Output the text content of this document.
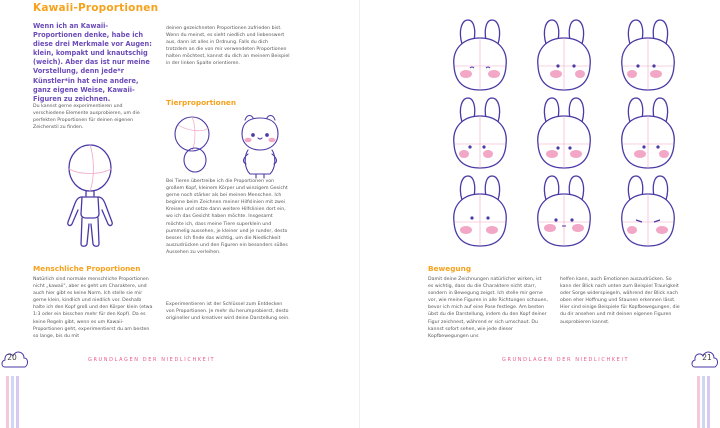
Kawaii-Proportionen
Wenn ich an Kawaii-Proportionen denke, habe ich diese drei Merkmale vor Augen: klein, kompakt und knautschig (weich). Aber das ist nur meine Vorstellung, denn jede*r Künstler*in hat eine andere, ganz eigene Weise, Kawaii-Figuren zu zeichnen.
Du kannst gerne experimentieren und verschiedene Elemente ausprobieren, um die perfekten Proportionen für deinen eigenen Zeichenstil zu finden.
Menschliche Proportionen
Natürlich sind normale menschliche Proportionen nicht „kawaii", aber es geht um Charaktere, und auch hier gibt es keine Norm. Ich stelle sie mir gerne klein, kindlich und niedlich vor. Deshalb halte ich den Kopf groß und den Körper klein (etwa 1:3 oder ein bisschen mehr für den Kopf). Da es keine Regeln gibt, wenn es um Kawaii-Proportionen geht, experimentierst du am besten so lange, bis du mit
deinen gezeichneten Proportionen zufrieden bist. Wenn du meinst, es sieht niedlich und liebenswert aus, dann ist alles in Ordnung. Falls du dich trotzdem an die von mir verwendeten Proportionen halten möchtest, kannst du dich an meinem Beispiel in der linken Spalte orientieren.
Tierproportionen
Bei Tieren übertreibe ich die Proportionen von großem Kopf, kleinem Körper und winzigem Gesicht gerne noch stärker als bei meinen Menschen. Ich beginne beim Zeichnen meiner Hilfslinien mit zwei Kreisen und setze dann weitere Hilfslinien dort ein, wo ich das Gesicht haben möchte. Insgesamt möchte ich, dass meine Tiere superklein und pummelig aussehen, je kleiner und je runder, desto besser. Ich finde das wichtig, um die Niedlichkeit auszudrücken und den Figuren ein besonders süßes Aussehen zu verleihen.
Experimentieren ist der Schlüssel zum Entdecken von Proportionen. Je mehr du herumprobierst, desto origineller und kreativer wird deine Darstellung sein.
20	GRUNDLAGEN DER NIEDLICHKEIT
Bewegung
Damit deine Zeichnungen natürlicher wirken, ist es wichtig, dass du die Charaktere nicht starr, sondern in Bewegung zeigst. Ich stelle mir gerne vor, wie meine Figuren in alle Richtungen schauen, bevor ich mich auf eine Pose festlege. Am besten übst du die Darstellung, indem du den Kopf deiner Figur zeichnest, während er sich umschaut. Du kannst sofort sehen, wie jede dieser Kopfbewegungen uns
helfen kann, auch Emotionen auszudrücken. So kann der Blick nach unten zum Beispiel Traurigkeit oder Sorge widerspiegeln, während der Blick nach oben eher Hoffnung und Staunen erkennen lässt. Hier sind einige Beispiele für Kopfbewegungen, die du dir ansehen und mit deinen eigenen Figuren ausprobieren kannst.
GRUNDLAGEN DER NIEDLICHKEIT	21
